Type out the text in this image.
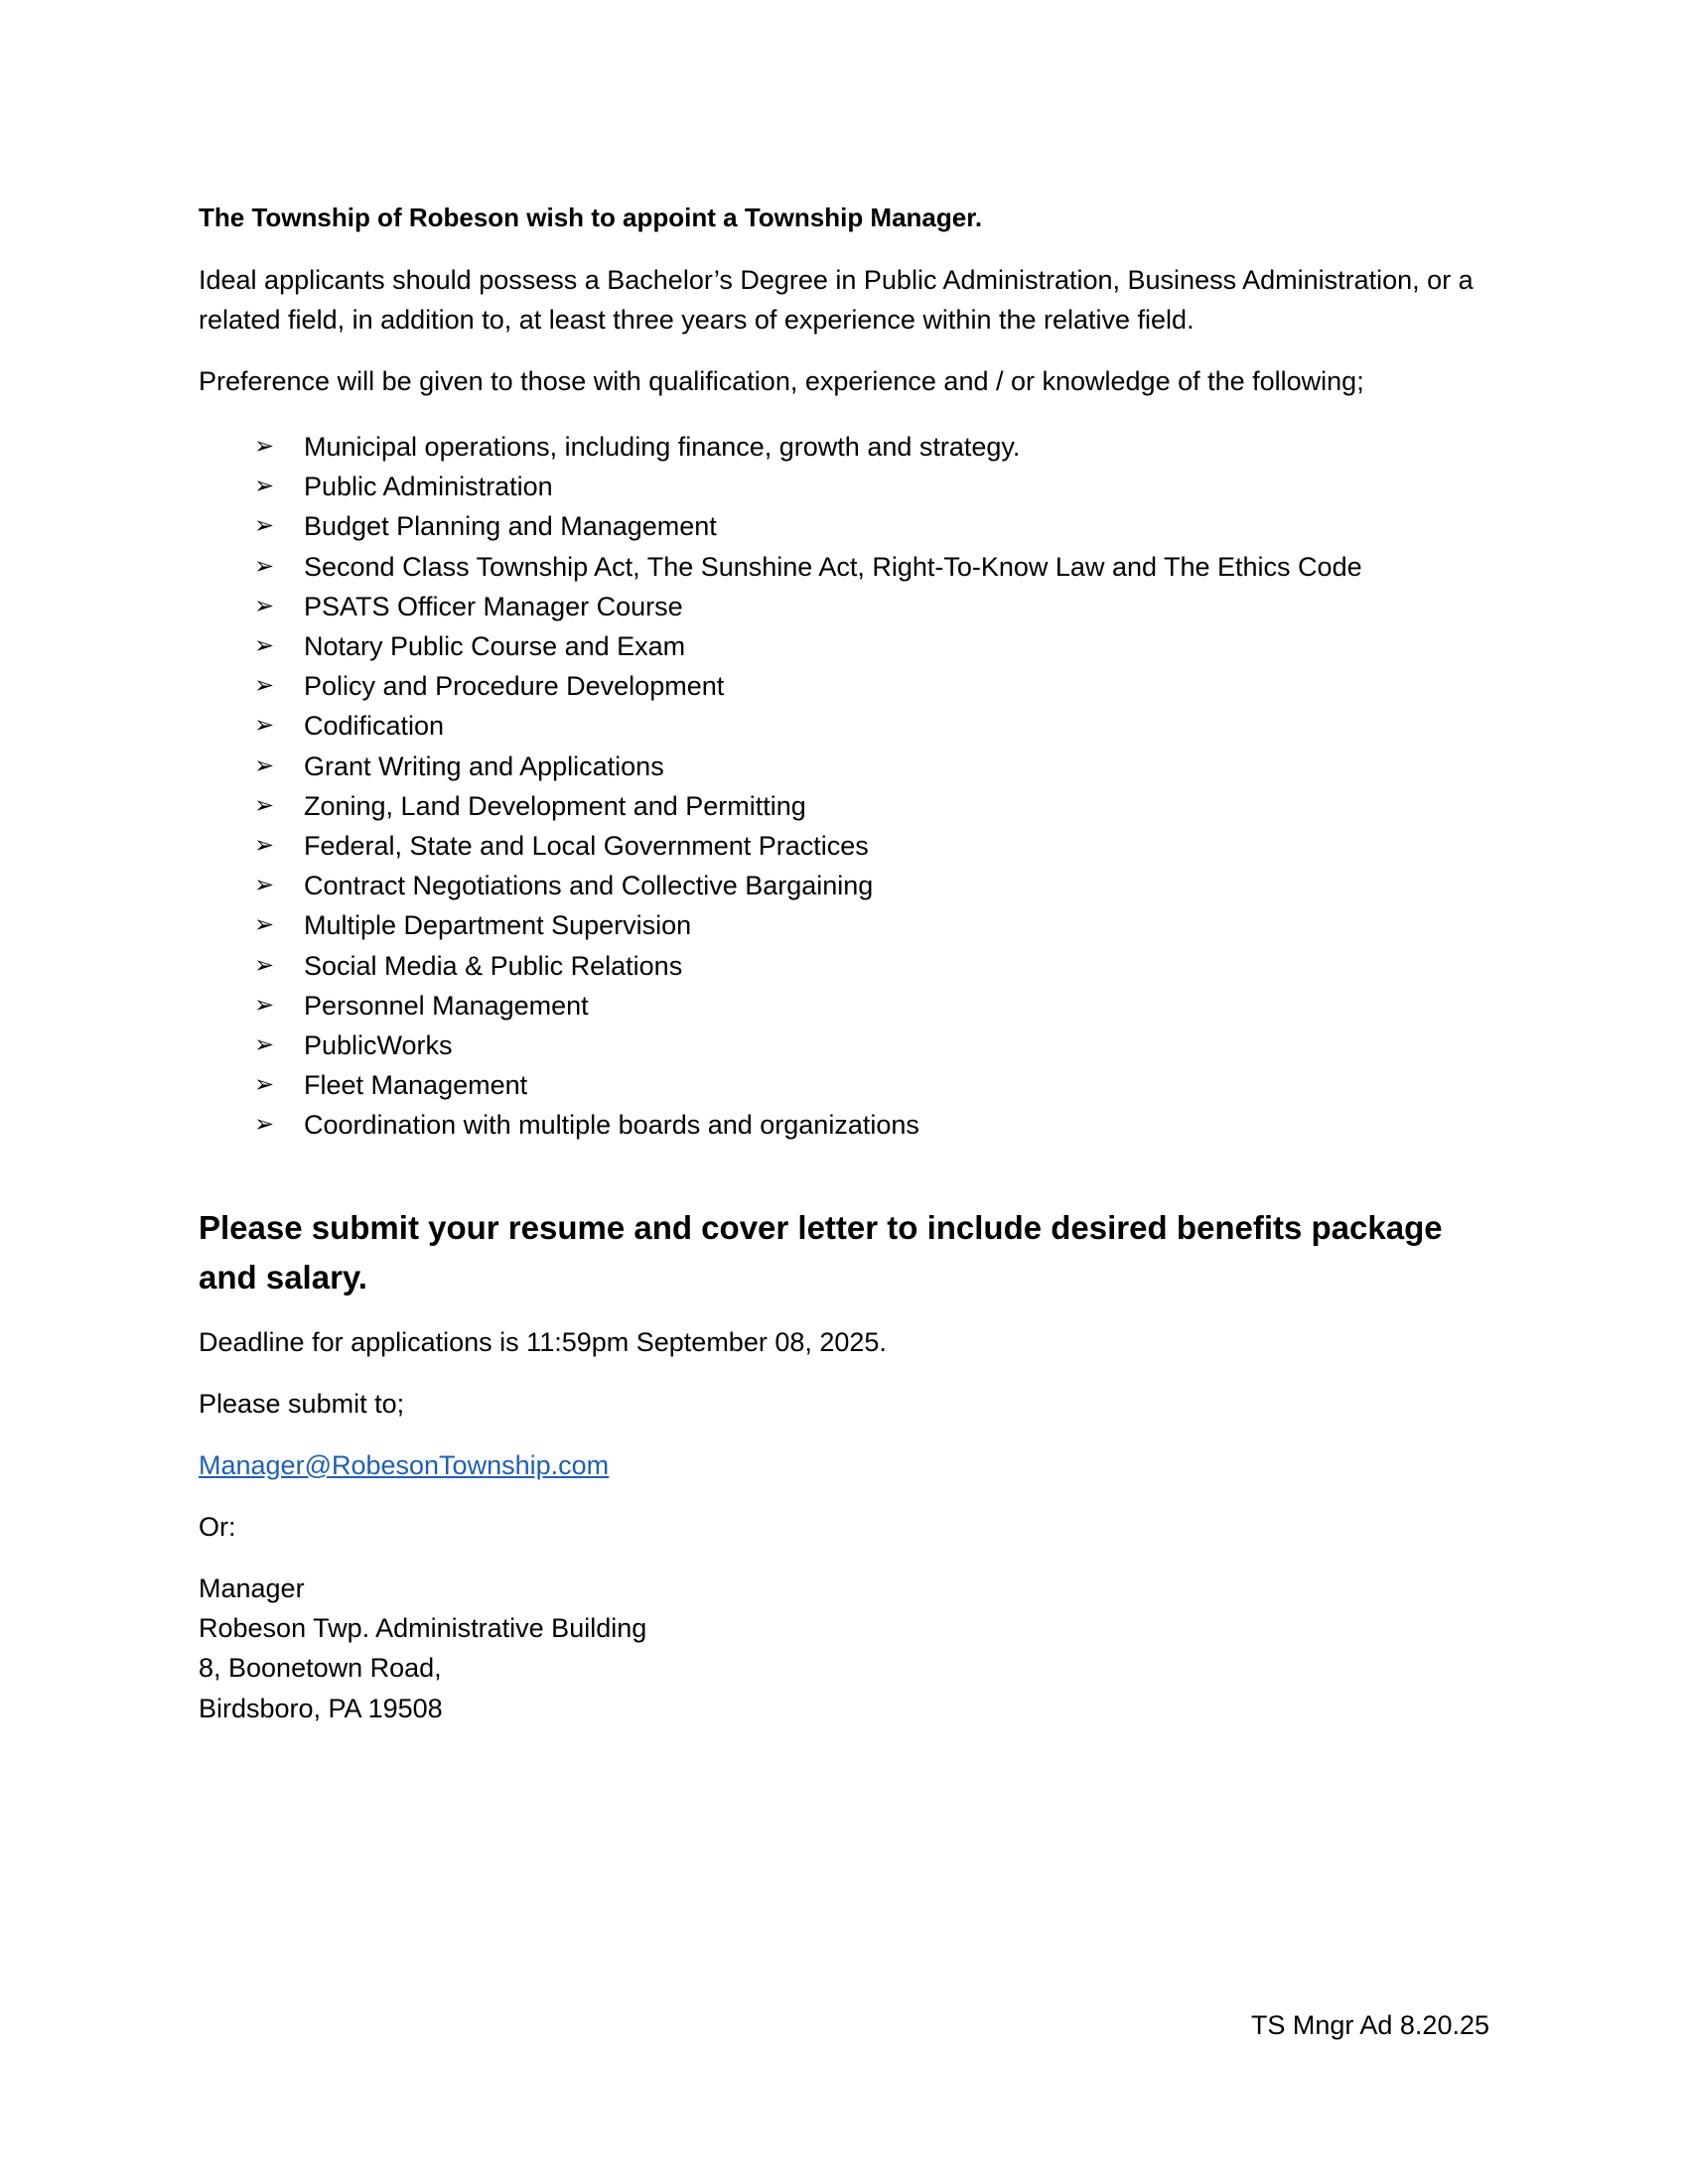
The Township of Robeson wish to appoint a Township Manager.

Ideal applicants should possess a Bachelor’s Degree in Public Administration, Business Administration, or a related field, in addition to, at least three years of experience within the relative field.

Preference will be given to those with qualification, experience and / or knowledge of the following;

➢	Municipal operations, including finance, growth and strategy.
➢	Public Administration
➢	Budget Planning and Management
➢	Second Class Township Act, The Sunshine Act, Right-To-Know Law and The Ethics Code
➢	PSATS Officer Manager Course
➢	Notary Public Course and Exam
➢	Policy and Procedure Development
➢	Codification
➢	Grant Writing and Applications
➢	Zoning, Land Development and Permitting
➢	Federal, State and Local Government Practices
➢	Contract Negotiations and Collective Bargaining
➢	Multiple Department Supervision
➢	Social Media & Public Relations
➢	Personnel Management
➢	PublicWorks
➢	Fleet Management
➢	Coordination with multiple boards and organizations

Please submit your resume and cover letter to include desired benefits package and salary.

Deadline for applications is 11:59pm September 08, 2025.

Please submit to;

Manager@RobesonTownship.com

Or:

Manager
Robeson Twp. Administrative Building
8, Boonetown Road,
Birdsboro, PA 19508
TS Mngr Ad 8.20.25
